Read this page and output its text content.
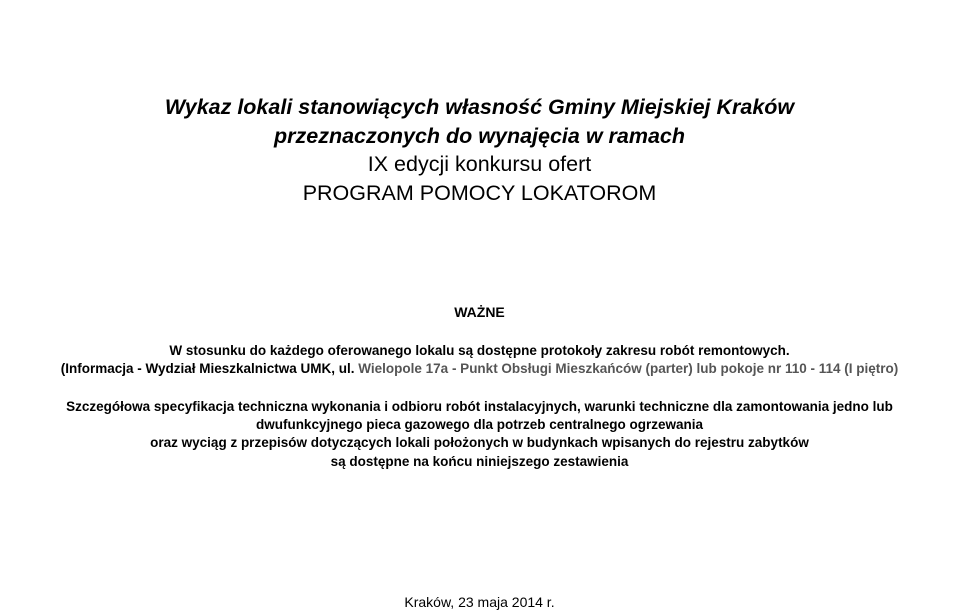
Wykaz lokali stanowiących własność Gminy Miejskiej Kraków
przeznaczonych do wynajęcia w ramach
IX edycji konkursu ofert
PROGRAM POMOCY LOKATOROM
WAŻNE
W stosunku do każdego oferowanego lokalu są dostępne protokoły zakresu robót remontowych.
(Informacja - Wydział Mieszkalnictwa UMK, ul. Wielopole 17a - Punkt Obsługi Mieszkańców (parter) lub pokoje nr 110 - 114 (I piętro)
Szczegółowa specyfikacja techniczna wykonania i odbioru robót instalacyjnych, warunki techniczne dla zamontowania jedno lub
dwufunkcyjnego pieca gazowego dla potrzeb centralnego ogrzewania
oraz wyciąg z przepisów dotyczących lokali położonych w budynkach wpisanych do rejestru zabytków
są dostępne na końcu niniejszego zestawienia
Kraków, 23 maja 2014 r.
